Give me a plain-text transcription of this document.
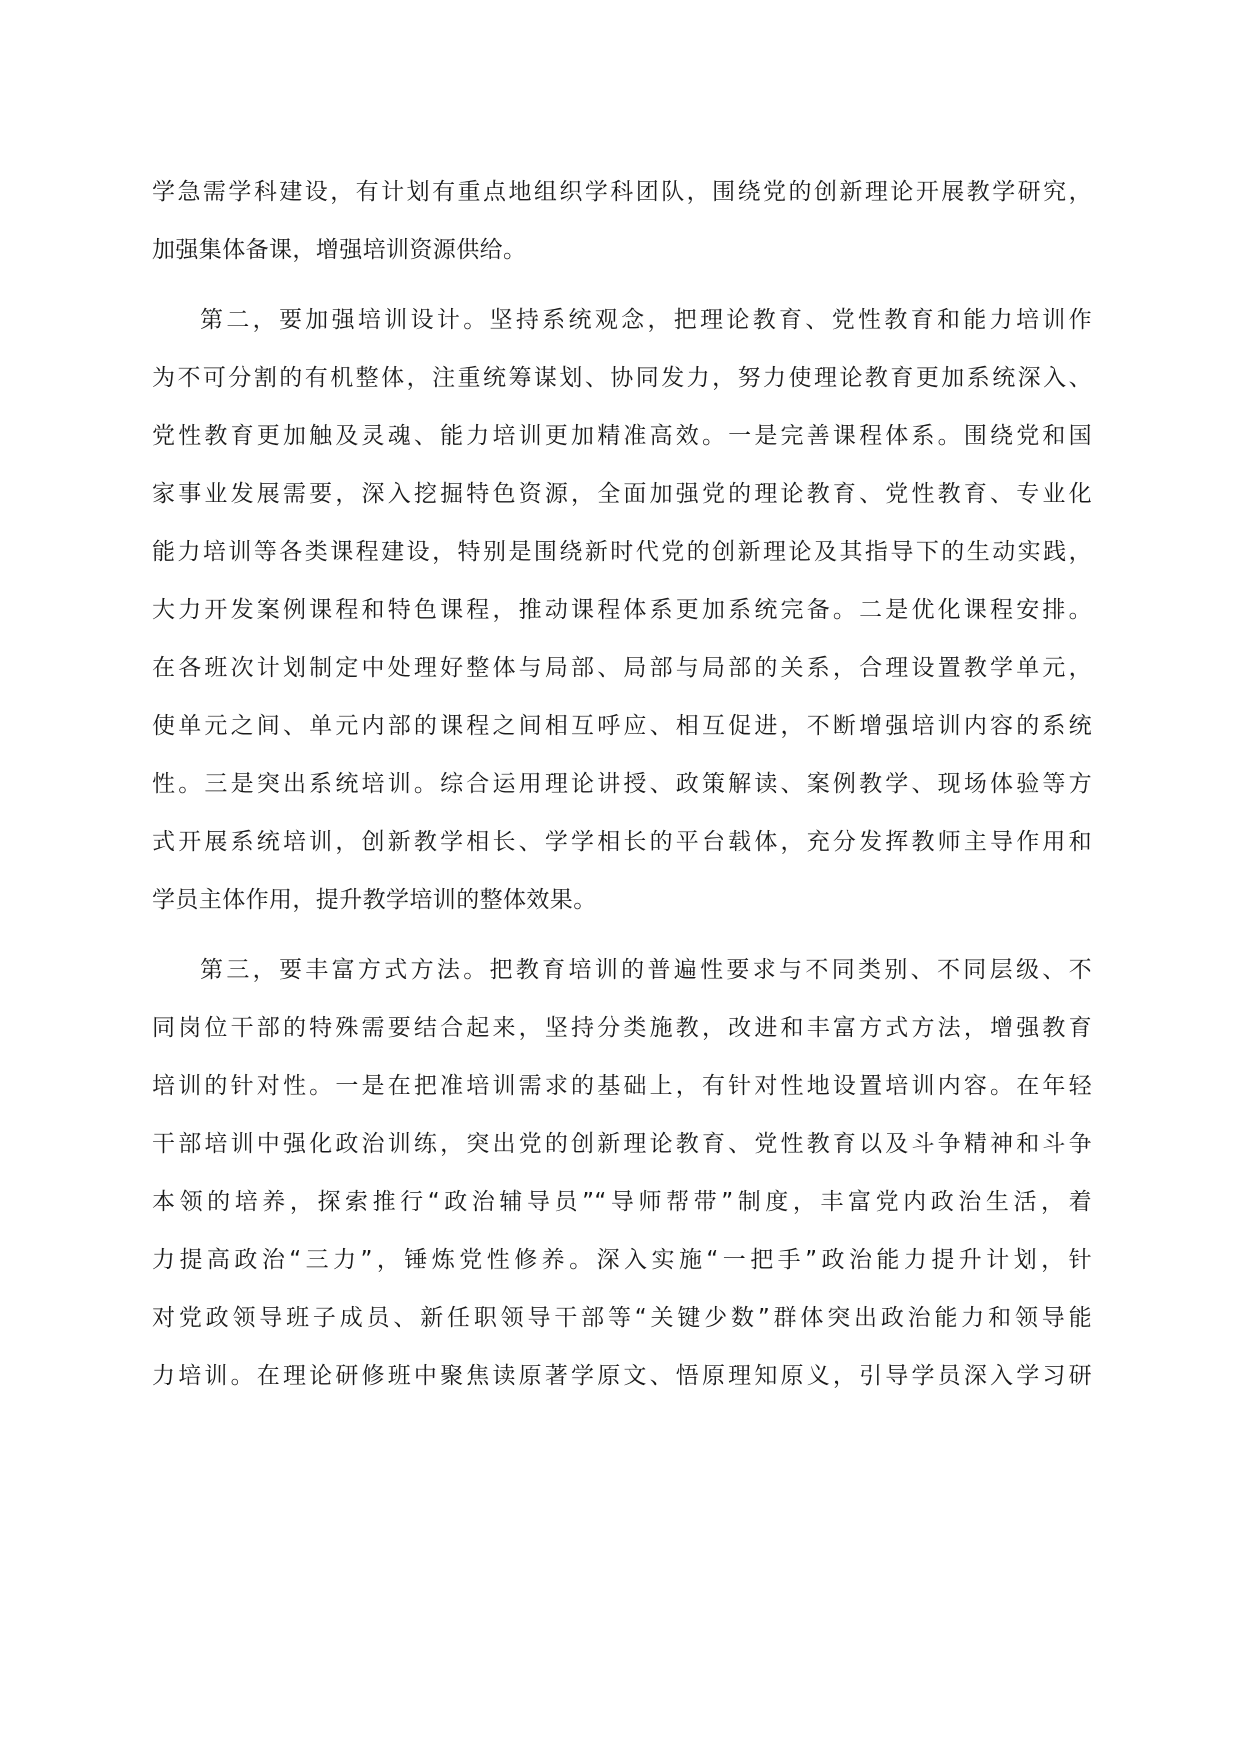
学急需学科建设，有计划有重点地组织学科团队，围绕党的创新理论开展教学研究，
加强集体备课，增强培训资源供给。
第二，要加强培训设计。坚持系统观念，把理论教育、党性教育和能力培训作
为不可分割的有机整体，注重统筹谋划、协同发力，努力使理论教育更加系统深入、
党性教育更加触及灵魂、能力培训更加精准高效。一是完善课程体系。围绕党和国
家事业发展需要，深入挖掘特色资源，全面加强党的理论教育、党性教育、专业化
能力培训等各类课程建设，特别是围绕新时代党的创新理论及其指导下的生动实践，
大力开发案例课程和特色课程，推动课程体系更加系统完备。二是优化课程安排。
在各班次计划制定中处理好整体与局部、局部与局部的关系，合理设置教学单元，
使单元之间、单元内部的课程之间相互呼应、相互促进，不断增强培训内容的系统
性。三是突出系统培训。综合运用理论讲授、政策解读、案例教学、现场体验等方
式开展系统培训，创新教学相长、学学相长的平台载体，充分发挥教师主导作用和
学员主体作用，提升教学培训的整体效果。
第三，要丰富方式方法。把教育培训的普遍性要求与不同类别、不同层级、不
同岗位干部的特殊需要结合起来，坚持分类施教，改进和丰富方式方法，增强教育
培训的针对性。一是在把准培训需求的基础上，有针对性地设置培训内容。在年轻
干部培训中强化政治训练，突出党的创新理论教育、党性教育以及斗争精神和斗争
本领的培养，探索推行“政治辅导员”“导师帮带”制度，丰富党内政治生活，着
力提高政治“三力”，锤炼党性修养。深入实施“一把手”政治能力提升计划，针
对党政领导班子成员、新任职领导干部等“关键少数”群体突出政治能力和领导能
力培训。在理论研修班中聚焦读原著学原文、悟原理知原义，引导学员深入学习研
